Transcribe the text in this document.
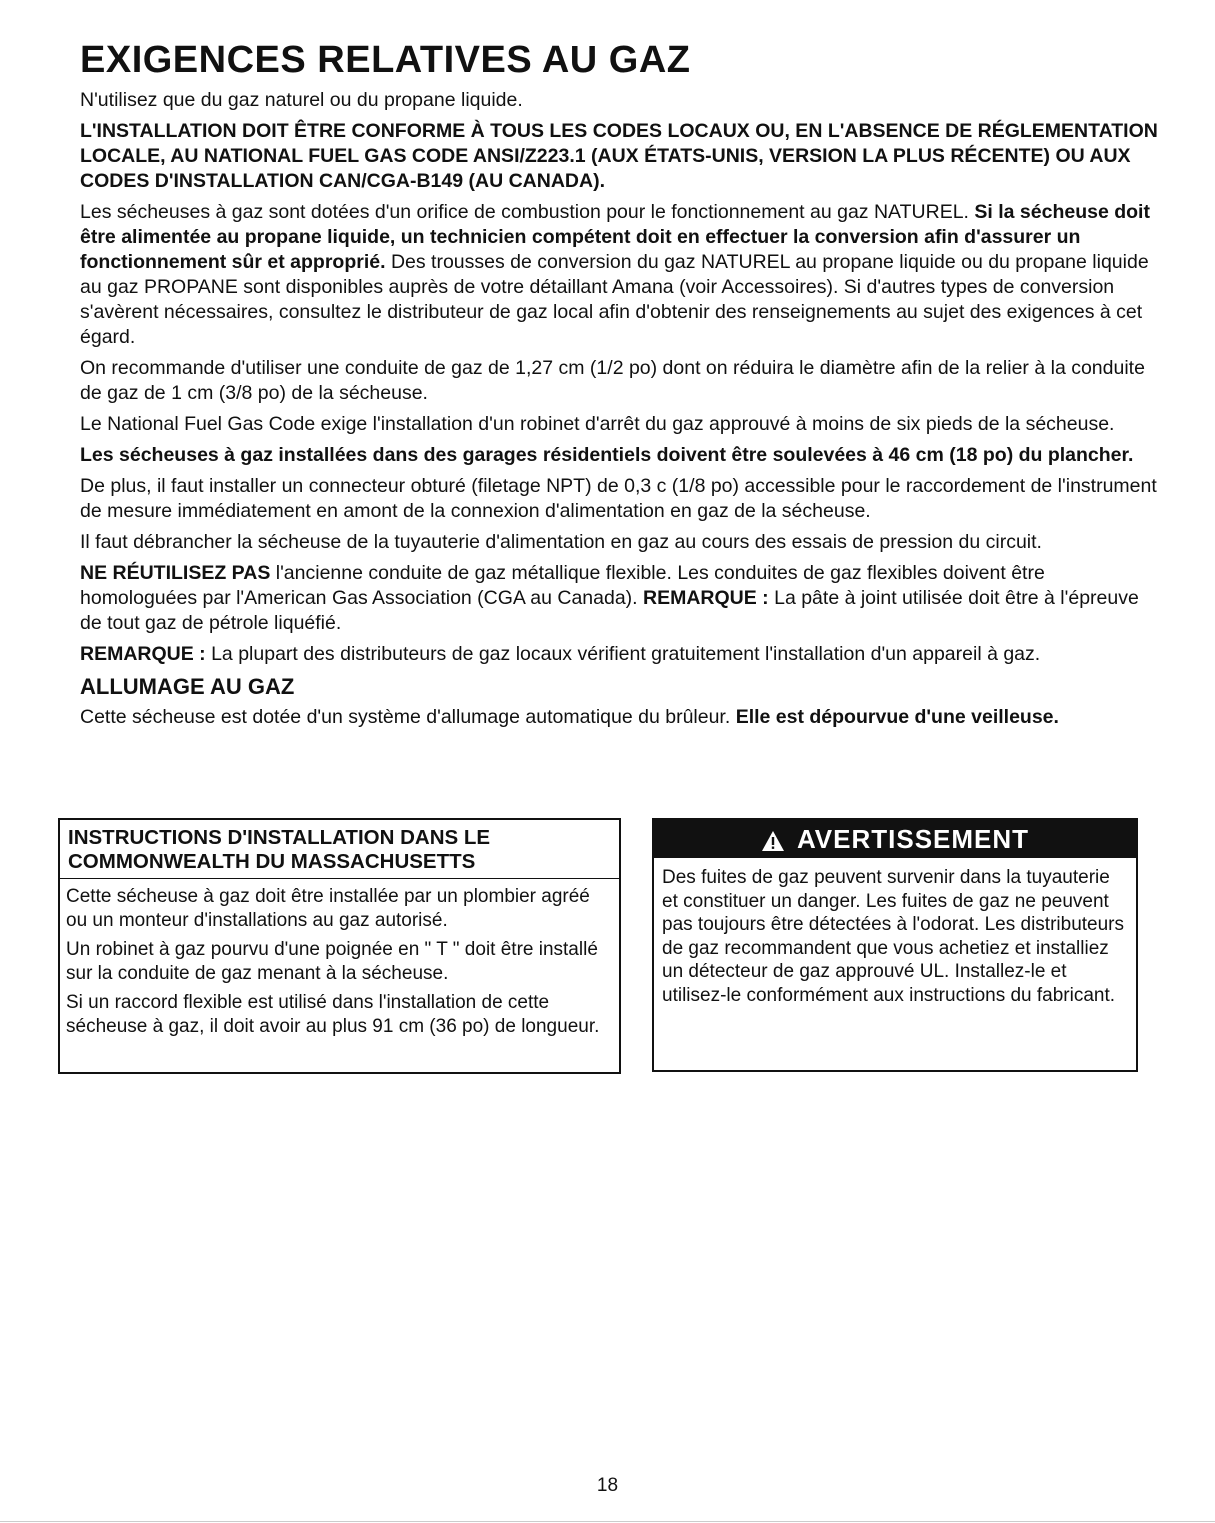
EXIGENCES RELATIVES AU GAZ

N'utilisez que du gaz naturel ou du propane liquide.

L'INSTALLATION DOIT ÊTRE CONFORME À TOUS LES CODES LOCAUX OU, EN L'ABSENCE DE RÉGLEMENTATION LOCALE, AU NATIONAL FUEL GAS CODE ANSI/Z223.1 (AUX ÉTATS-UNIS, VERSION LA PLUS RÉCENTE) OU AUX CODES D'INSTALLATION CAN/CGA-B149 (AU CANADA).

Les sécheuses à gaz sont dotées d'un orifice de combustion pour le fonctionnement au gaz NATUREL. Si la sécheuse doit être alimentée au propane liquide, un technicien compétent doit en effectuer la conversion afin d'assurer un fonctionnement sûr et approprié. Des trousses de conversion du gaz NATUREL au propane liquide ou du propane liquide au gaz PROPANE sont disponibles auprès de votre détaillant Amana (voir Accessoires). Si d'autres types de conversion s'avèrent nécessaires, consultez le distributeur de gaz local afin d'obtenir des renseignements au sujet des exigences à cet égard.

On recommande d'utiliser une conduite de gaz de 1,27 cm (1/2 po) dont on réduira le diamètre afin de la relier à la conduite de gaz de 1 cm (3/8 po) de la sécheuse.

Le National Fuel Gas Code exige l'installation d'un robinet d'arrêt du gaz approuvé à moins de six pieds de la sécheuse.

Les sécheuses à gaz installées dans des garages résidentiels doivent être soulevées à 46 cm (18 po) du plancher.

De plus, il faut installer un connecteur obturé (filetage NPT) de 0,3 c (1/8 po) accessible pour le raccordement de l'instrument de mesure immédiatement en amont de la connexion d'alimentation en gaz de la sécheuse.

Il faut débrancher la sécheuse de la tuyauterie d'alimentation en gaz au cours des essais de pression du circuit.

NE RÉUTILISEZ PAS l'ancienne conduite de gaz métallique flexible. Les conduites de gaz flexibles doivent être homologuées par l'American Gas Association (CGA au Canada). REMARQUE : La pâte à joint utilisée doit être à l'épreuve de tout gaz de pétrole liquéfié.

REMARQUE : La plupart des distributeurs de gaz locaux vérifient gratuitement l'installation d'un appareil à gaz.

ALLUMAGE AU GAZ

Cette sécheuse est dotée d'un système d'allumage automatique du brûleur. Elle est dépourvue d'une veilleuse.

INSTRUCTIONS D'INSTALLATION DANS LE COMMONWEALTH DU MASSACHUSETTS

Cette sécheuse à gaz doit être installée par un plombier agréé ou un monteur d'installations au gaz autorisé.

Un robinet à gaz pourvu d'une poignée en " T " doit être installé sur la conduite de gaz menant à la sécheuse.

Si un raccord flexible est utilisé dans l'installation de cette sécheuse à gaz, il doit avoir au plus 91 cm (36 po) de longueur.

AVERTISSEMENT

Des fuites de gaz peuvent survenir dans la tuyauterie et constituer un danger. Les fuites de gaz ne peuvent pas toujours être détectées à l'odorat. Les distributeurs de gaz recommandent que vous achetiez et installiez un détecteur de gaz approuvé UL. Installez-le et utilisez-le conformément aux instructions du fabricant.

18
